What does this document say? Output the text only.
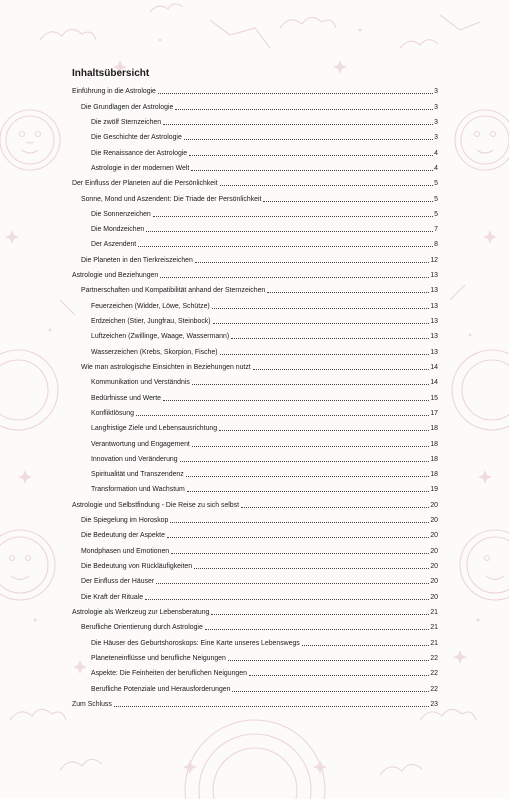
Inhaltsübersicht
Einführung in die Astrologie	3
Die Grundlagen der Astrologie	3
Die zwölf Sternzeichen	3
Die Geschichte der Astrologie	3
Die Renaissance der Astrologie	4
Astrologie in der modernen Welt	4
Der Einfluss der Planeten auf die Persönlichkeit	5
Sonne, Mond und Aszendent: Die Triade der Persönlichkeit	5
Die Sonnenzeichen	5
Die Mondzeichen	7
Der Aszendent	8
Die Planeten in den Tierkreiszeichen	12
Astrologie und Beziehungen	13
Partnerschaften und Kompatibilität anhand der Sternzeichen	13
Feuerzeichen (Widder, Löwe, Schütze)	13
Erdzeichen (Stier, Jungfrau, Steinbock)	13
Luftzeichen (Zwillinge, Waage, Wassermann)	13
Wasserzeichen (Krebs, Skorpion, Fische)	13
Wie man astrologische Einsichten in Beziehungen nutzt	14
Kommunikation und Verständnis	14
Bedürfnisse und Werte	15
Konfliktlösung	17
Langfristige Ziele und Lebensausrichtung	18
Verantwortung und Engagement	18
Innovation und Veränderung	18
Spiritualität und Transzendenz	18
Transformation und Wachstum	19
Astrologie und Selbstfindung - Die Reise zu sich selbst	20
Die Spiegelung im Horoskop	20
Die Bedeutung der Aspekte	20
Mondphasen und Emotionen	20
Die Bedeutung von Rückläufigkeiten	20
Der Einfluss der Häuser	20
Die Kraft der Rituale	20
Astrologie als Werkzeug zur Lebensberatung	21
Berufliche Orientierung durch Astrologie	21
Die Häuser des Geburtshoroskops: Eine Karte unseres Lebenswegs	21
Planeteneinflüsse und berufliche Neigungen	22
Aspekte: Die Feinheiten der beruflichen Neigungen	22
Berufliche Potenziale und Herausforderungen	22
Zum Schluss	23
